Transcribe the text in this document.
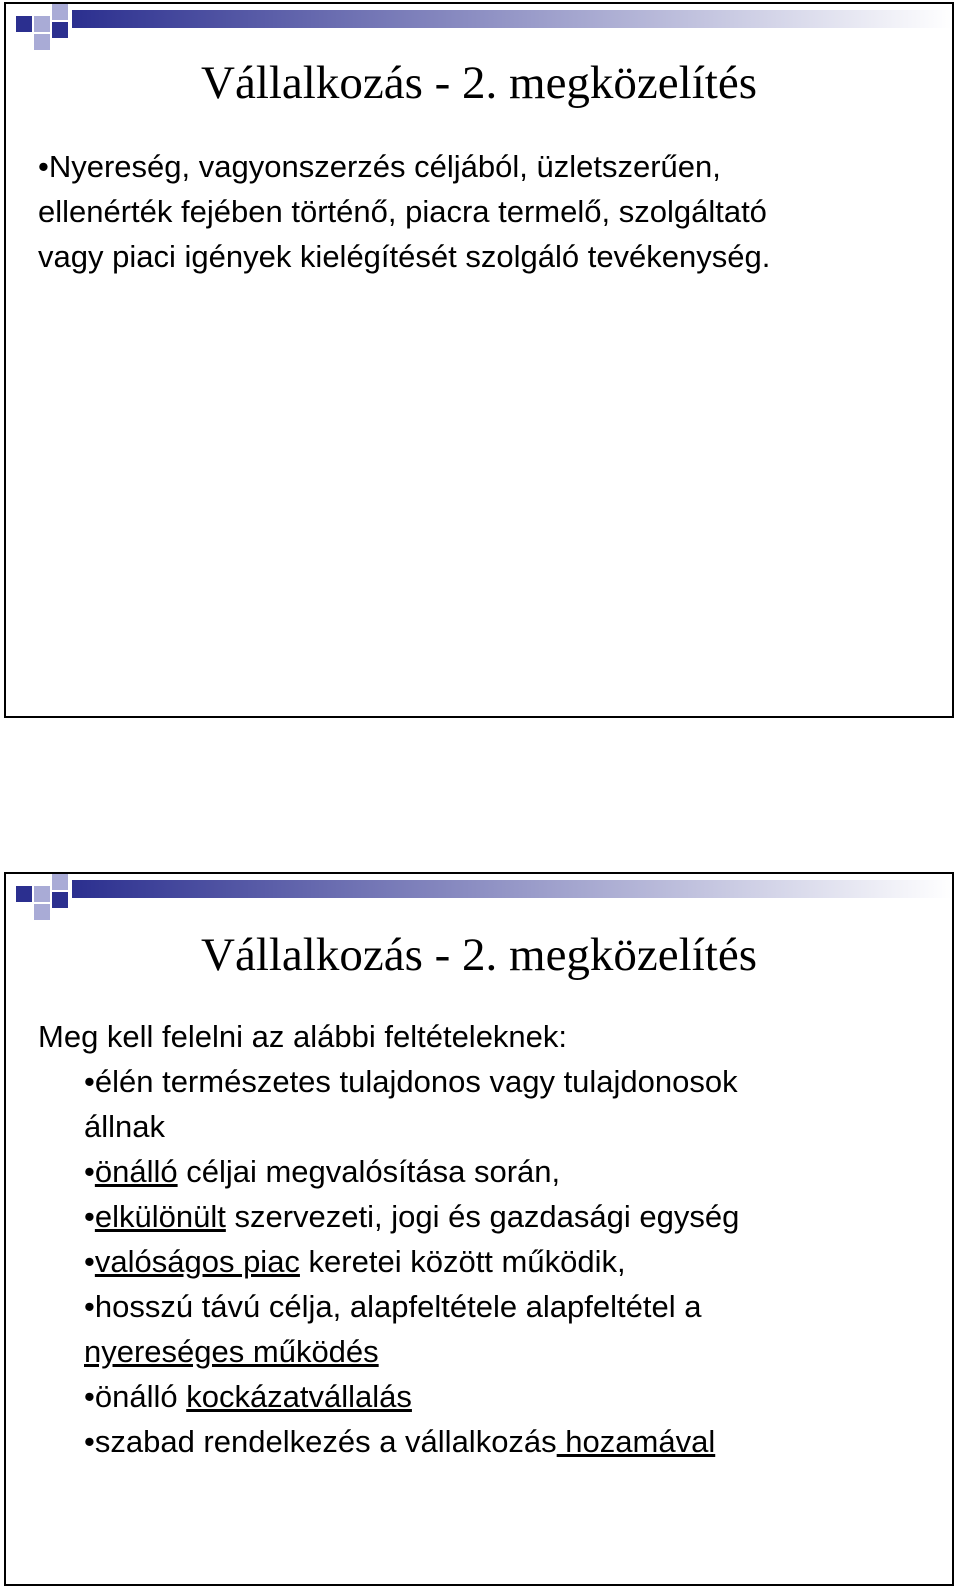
Vállalkozás - 2. megközelítés
•Nyereség, vagyonszerzés céljából, üzletszerűen,
ellenérték fejében történő, piacra termelő, szolgáltató
vagy piaci igények kielégítését szolgáló tevékenység.
Vállalkozás - 2. megközelítés
Meg kell felelni az alábbi feltételeknek:
•élén természetes tulajdonos vagy tulajdonosok
állnak
•önálló céljai megvalósítása során,
•elkülönült szervezeti, jogi és gazdasági egység
•valóságos piac keretei között működik,
•hosszú távú célja, alapfeltétele alapfeltétel a
nyereséges működés
•önálló kockázatvállalás
•szabad rendelkezés a vállalkozás hozamával
